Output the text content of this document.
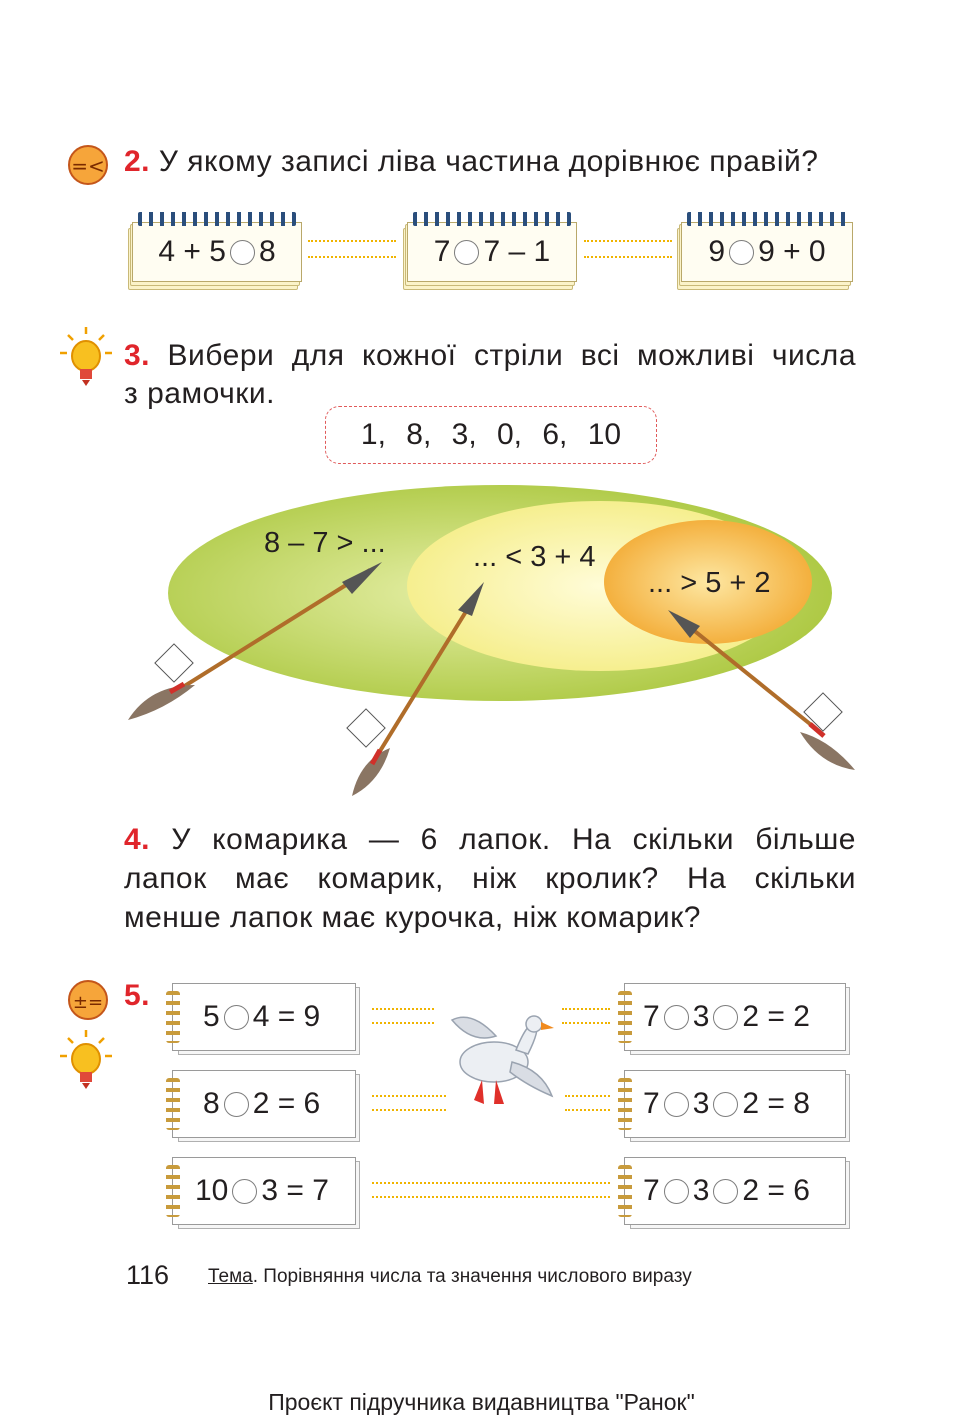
=< 2. У якому записі ліва частина дорівнює правій?
4 + 5 8	7 7 – 1	9 9 + 0
3. Вибери для кожної стріли всі можливі числа
з рамочки.
1, 8, 3, 0, 6, 10
8 – 7 > ...	... < 3 + 4
... > 5 + 2
4. У комарика — 6 лапок. На скільки більше
лапок має комарик, ніж кролик? На скільки
менше лапок має курочка, ніж комарик?
±= 5.
5 4 = 9
8 2 = 6
10 3 = 7
7 3 2 = 2
7 3 2 = 8
7 3 2 = 6
116 Тема. Порівняння числа та значення числового виразу
Проєкт підручника видавництва "Ранок"
